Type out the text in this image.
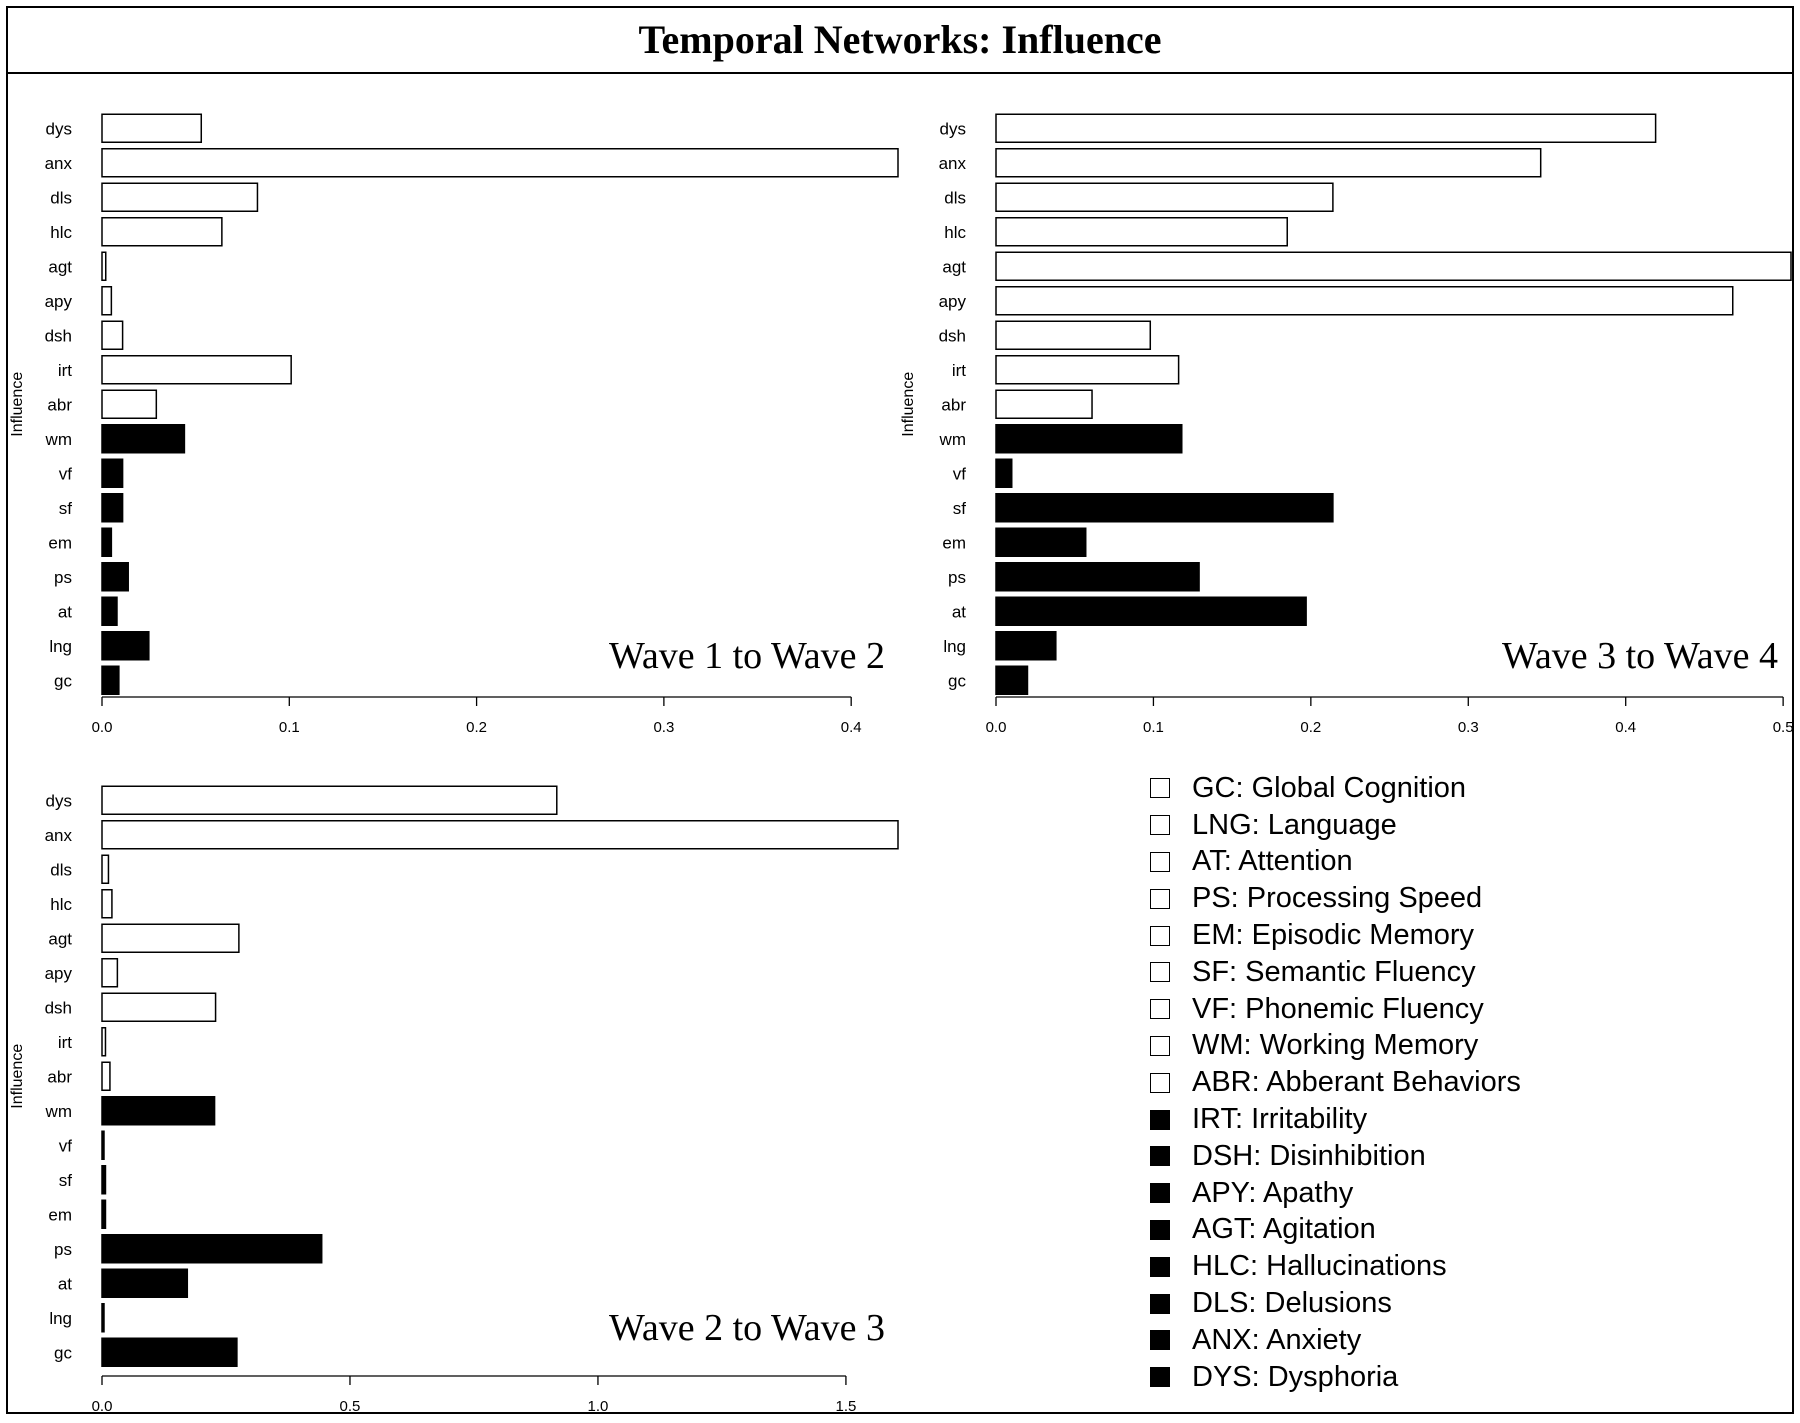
Temporal Networks: Influence
dys
anx
dls
hlc
agt
apy
dsh
irt
abr
wm
vf
sf
em
ps
at
lng
gc
0.0	0.1	0.2	0.3	0.4
Influence
Wave 1 to Wave 2
dys
anx
dls
hlc
agt
apy
dsh
irt
abr
wm
vf
sf
em
ps
at
lng
gc
0.0	0.1	0.2	0.3	0.4	0.5
Influence
Wave 3 to Wave 4
dys
anx
dls
hlc
agt
apy
dsh
irt
abr
wm
vf
sf
em
ps
at
lng
gc
0.0	0.5	1.0	1.5
Influence
Wave 2 to Wave 3
GC: Global Cognition
LNG: Language
AT: Attention
PS: Processing Speed
EM: Episodic Memory
SF: Semantic Fluency
VF: Phonemic Fluency
WM: Working Memory
ABR: Abberant Behaviors
IRT: Irritability
DSH: Disinhibition
APY: Apathy
AGT: Agitation
HLC: Hallucinations
DLS: Delusions
ANX: Anxiety
DYS: Dysphoria
